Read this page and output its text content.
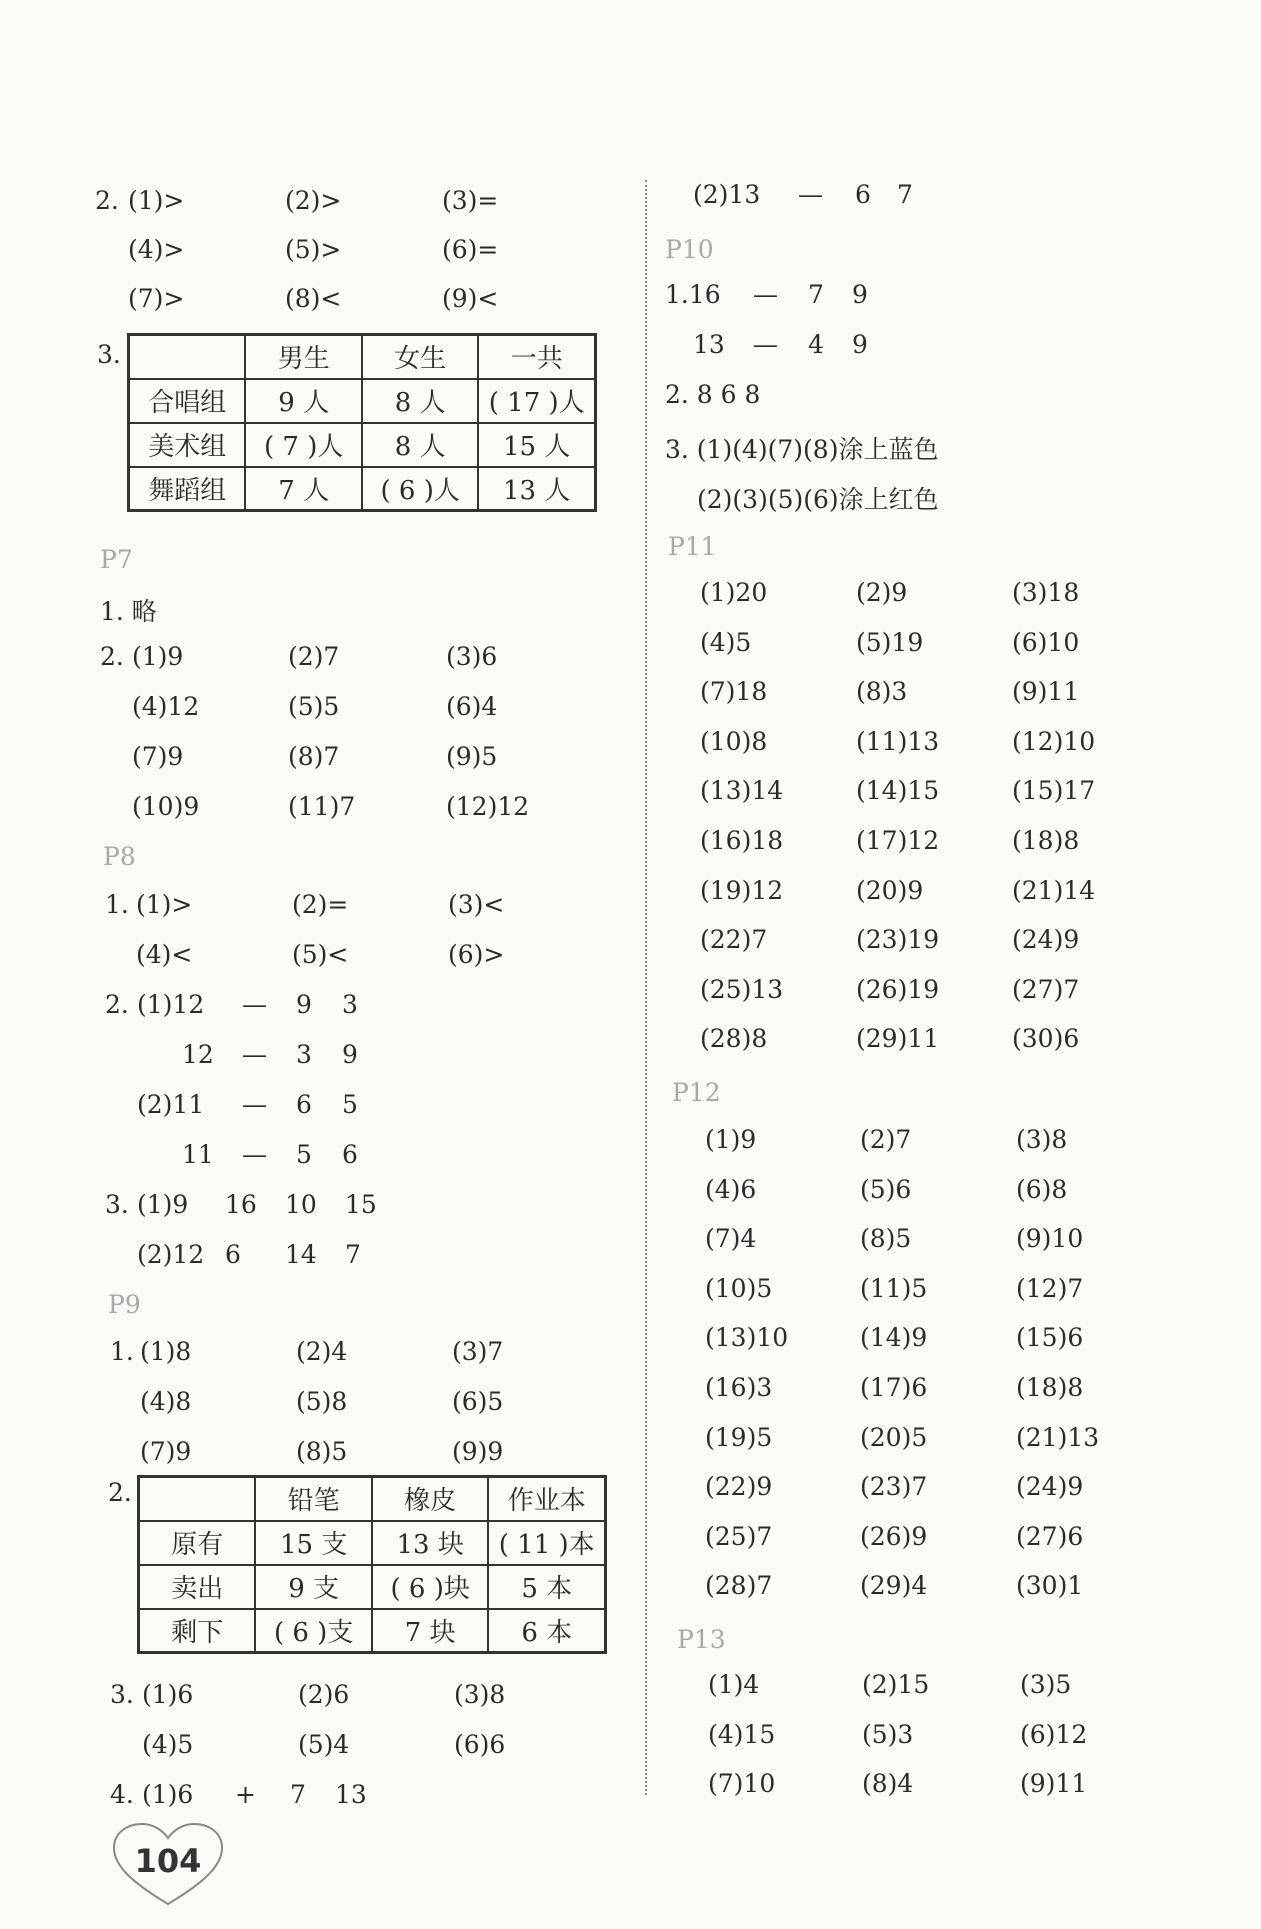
2. (1)>	(2)>	(3)=
(4)>	(5)>	(6)=
(7)>	(8)<	(9)<
P7
1. 略
2. (1)9	(2)7	(3)6
(4)12	(5)5	(6)4
(7)9	(8)7	(9)5
(10)9	(11)7	(12)12
P8
1. (1)>	(2)=	(3)<
(4)<	(5)<	(6)>
2. (1)12 — 9 3
12 — 3 9
(2)11 — 6 5
11 — 5 6
3. (1)9 16 10 15
(2)12 6 14 7
P9
1. (1)8	(2)4	(3)7
(4)8	(5)8	(6)5
(7)9	(8)5	(9)9
3. (1)6	(2)6	(3)8
(4)5	(5)4	(6)6
4. (1)6 + 7 13
(2)13 — 6 7
P10
1.16 — 7 9
13 — 4 9
2. 8 6 8
3. (1)(4)(7)(8)涂上蓝色
(2)(3)(5)(6)涂上红色
P11
(1)20	(2)9	(3)18
(4)5	(5)19	(6)10
(7)18	(8)3	(9)11
(10)8	(11)13	(12)10
(13)14	(14)15	(15)17
(16)18	(17)12	(18)8
(19)12	(20)9	(21)14
(22)7	(23)19	(24)9
(25)13	(26)19	(27)7
(28)8	(29)11	(30)6
P12
(1)9	(2)7	(3)8
(4)6	(5)6	(6)8
(7)4	(8)5	(9)10
(10)5	(11)5	(12)7
(13)10	(14)9	(15)6
(16)3	(17)6	(18)8
(19)5	(20)5	(21)13
(22)9	(23)7	(24)9
(25)7	(26)9	(27)6
(28)7	(29)4	(30)1
P13
(1)4	(2)15	(3)5
(4)15	(5)3	(6)12
(7)10	(8)4	(9)11
3.
		男生	女生	一共
合唱组	9 人	8 人	( 17 )人
美术组	( 7 )人	8 人	15 人
舞蹈组	7 人	( 6 )人	13 人
2.
		铅笔	橡皮	作业本
原有	15 支	13 块	( 11 )本
卖出	9 支	( 6 )块	5 本
剩下	( 6 )支	7 块	6 本
104
